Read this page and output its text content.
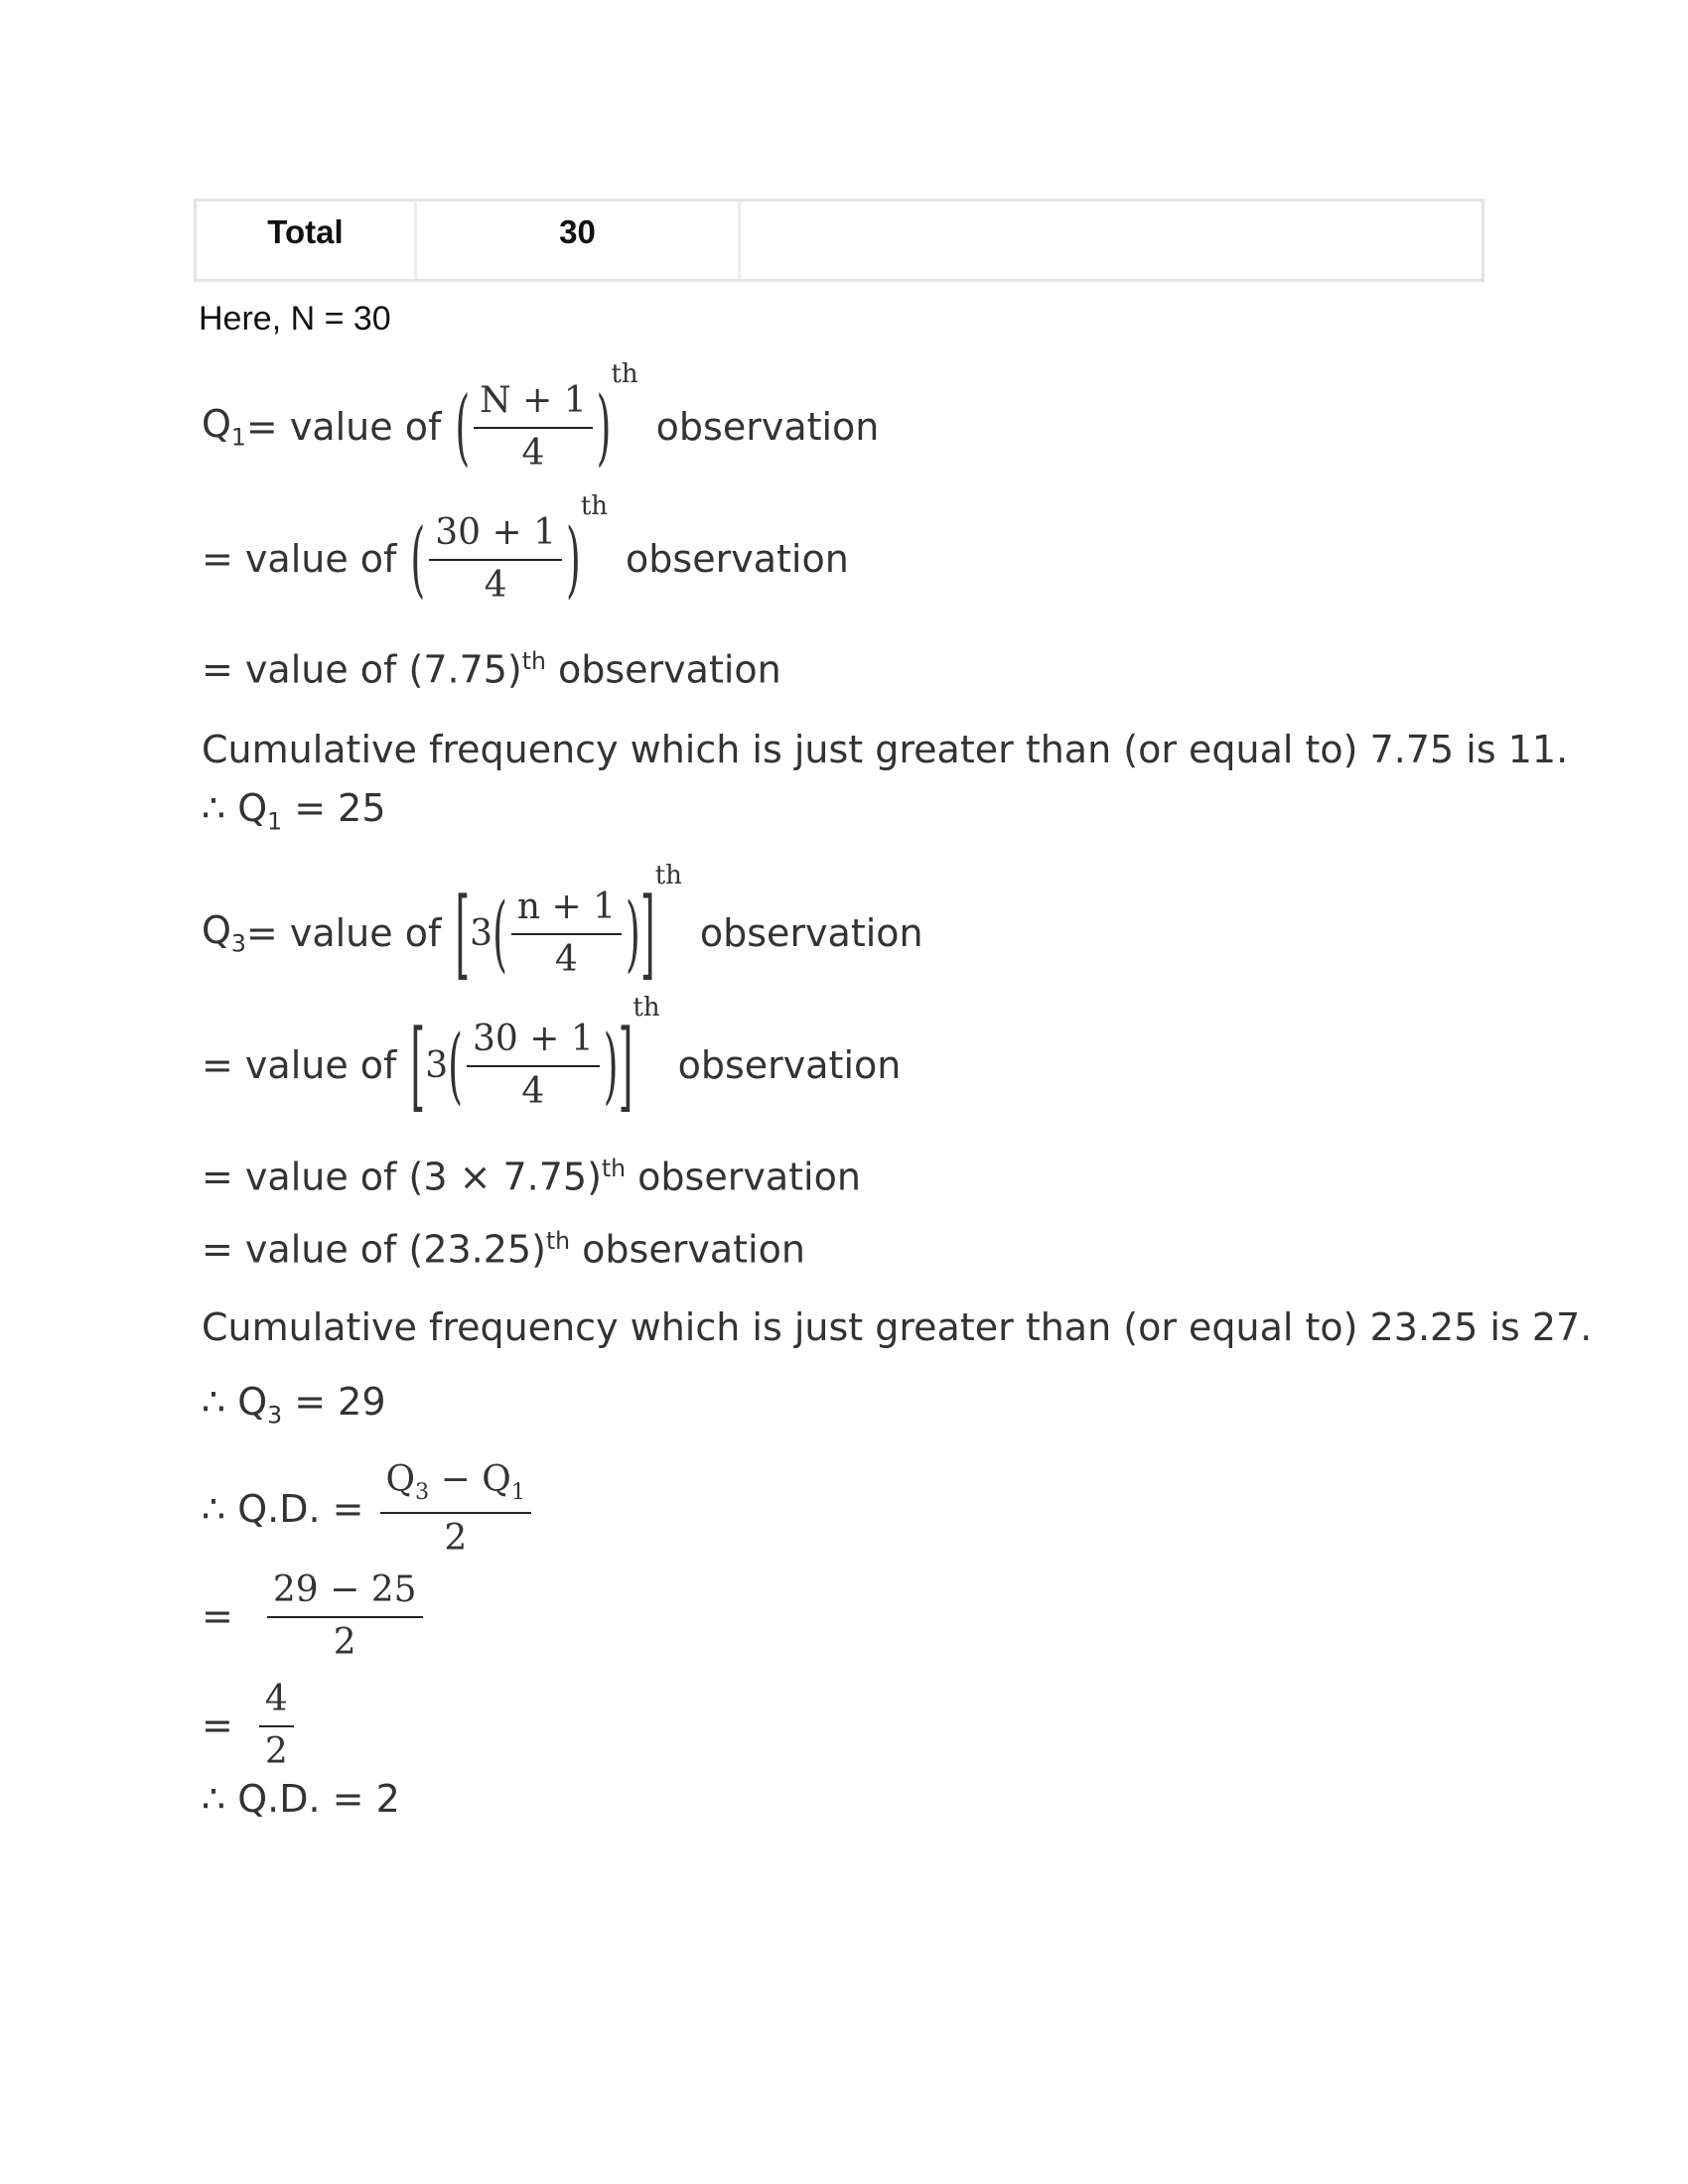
Total	30
Here, N = 30
$Q_1$ = value of ( $\frac{N + 1}{4}$ )
th
observation
= value of ( $\frac{30 + 1}{4}$ )
th
observation
= value of $(7.75)^{th}$ observation
Cumulative frequency which is just greater than (or equal to) 7.75 is 11.
∴ $Q_1 = 25$
$Q_3$ = value of [ 3 ( $\frac{n + 1}{4}$ ) ]
th
observation
= value of [ 3 ( $\frac{30 + 1}{4}$ ) ]
th
observation
= value of $(3 \times 7.75)^{th}$ observation
= value of $(23.25)^{th}$ observation
Cumulative frequency which is just greater than (or equal to) 23.25 is 27.
∴ $Q_3 = 29$
∴ Q.D. = $\frac{Q_3 - Q_1}{2}$
= $\frac{29 - 25}{2}$
= $\frac{4}{2}$
∴ Q.D. = 2
